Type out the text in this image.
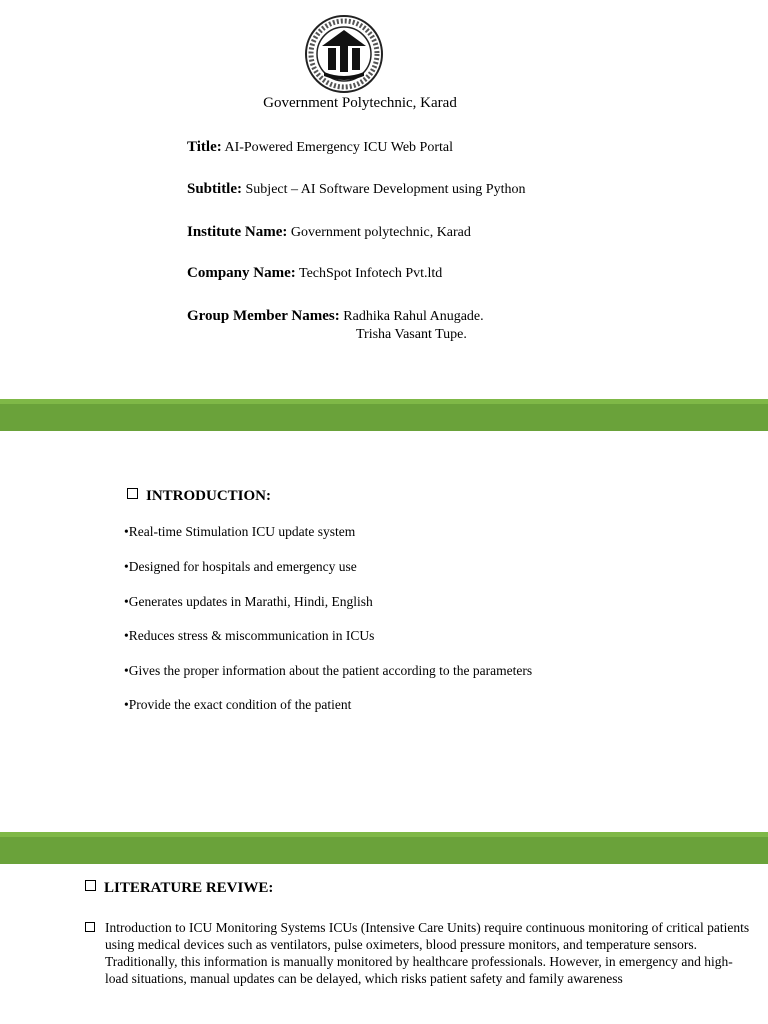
Government Polytechnic, Karad
Title: AI-Powered Emergency ICU Web Portal
Subtitle: Subject – AI Software Development using Python
Institute Name: Government polytechnic, Karad
Company Name: TechSpot Infotech Pvt.ltd
Group Member Names: Radhika Rahul Anugade.
Trisha Vasant Tupe.
INTRODUCTION:
•Real-time Stimulation ICU update system
•Designed for hospitals and emergency use
•Generates updates in Marathi, Hindi, English
•Reduces stress & miscommunication in ICUs
•Gives the proper information about the patient according to the parameters
•Provide the exact condition of the patient
LITERATURE REVIWE:

Introduction to ICU Monitoring Systems ICUs (Intensive Care Units) require continuous monitoring of critical patients using medical devices such as ventilators, pulse oximeters, blood pressure monitors, and temperature sensors. Traditionally, this information is manually monitored by healthcare professionals. However, in emergency and high-load situations, manual updates can be delayed, which risks patient safety and family awareness
